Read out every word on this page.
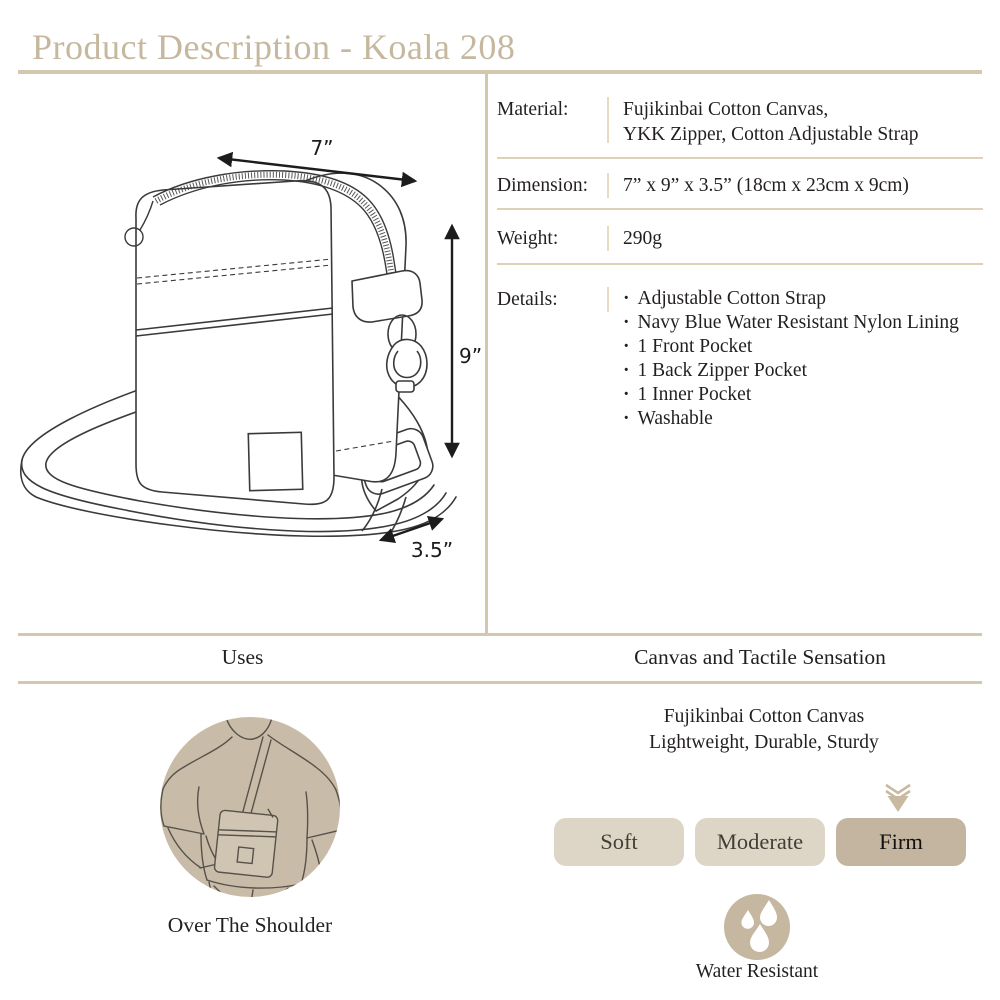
Product Description - Koala 208
7”
9”
3.5”
Material:	Fujikinbai Cotton Canvas,
YKK Zipper, Cotton Adjustable Strap
Dimension:	7” x 9” x 3.5” (18cm x 23cm x 9cm)
Weight:	290g
Details:	· Adjustable Cotton Strap
· Navy Blue Water Resistant Nylon Lining
· 1 Front Pocket
· 1 Back Zipper Pocket
· 1 Inner Pocket
· Washable
Uses	Canvas and Tactile Sensation
Over The Shoulder
Fujikinbai Cotton Canvas
Lightweight, Durable, Sturdy
Soft	Moderate	Firm
Water Resistant
